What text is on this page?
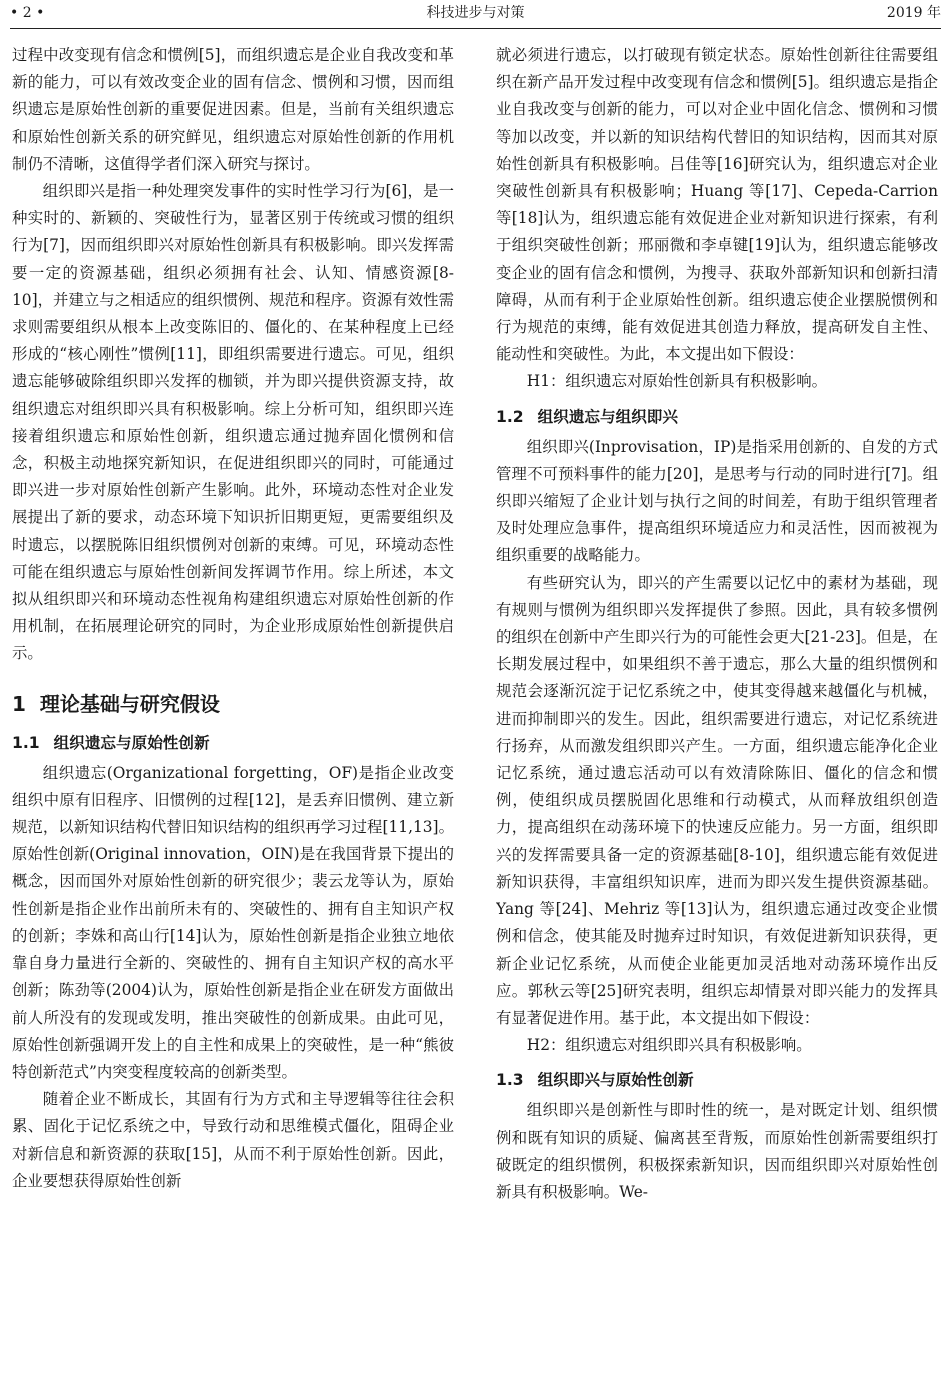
• 2 •	科技进步与对策	2019 年

过程中改变现有信念和惯例[5]，而组织遗忘是企业自我改变和革新的能力，可以有效改变企业的固有信念、惯例和习惯，因而组织遗忘是原始性创新的重要促进因素。但是，当前有关组织遗忘和原始性创新关系的研究鲜见，组织遗忘对原始性创新的作用机制仍不清晰，这值得学者们深入研究与探讨。

组织即兴是指一种处理突发事件的实时性学习行为[6]，是一种实时的、新颖的、突破性行为，显著区别于传统或习惯的组织行为[7]，因而组织即兴对原始性创新具有积极影响。即兴发挥需要一定的资源基础，组织必须拥有社会、认知、情感资源[8-10]，并建立与之相适应的组织惯例、规范和程序。资源有效性需求则需要组织从根本上改变陈旧的、僵化的、在某种程度上已经形成的“核心刚性”惯例[11]，即组织需要进行遗忘。可见，组织遗忘能够破除组织即兴发挥的枷锁，并为即兴提供资源支持，故组织遗忘对组织即兴具有积极影响。综上分析可知，组织即兴连接着组织遗忘和原始性创新，组织遗忘通过抛弃固化惯例和信念，积极主动地探究新知识，在促进组织即兴的同时，可能通过即兴进一步对原始性创新产生影响。此外，环境动态性对企业发展提出了新的要求，动态环境下知识折旧期更短，更需要组织及时遗忘，以摆脱陈旧组织惯例对创新的束缚。可见，环境动态性可能在组织遗忘与原始性创新间发挥调节作用。综上所述，本文拟从组织即兴和环境动态性视角构建组织遗忘对原始性创新的作用机制，在拓展理论研究的同时，为企业形成原始性创新提供启示。

1 理论基础与研究假设
1.1 组织遗忘与原始性创新

组织遗忘(Organizational forgetting，OF)是指企业改变组织中原有旧程序、旧惯例的过程[12]，是丢弃旧惯例、建立新规范，以新知识结构代替旧知识结构的组织再学习过程[11,13]。原始性创新(Original innovation，OIN)是在我国背景下提出的概念，因而国外对原始性创新的研究很少；裴云龙等认为，原始性创新是指企业作出前所未有的、突破性的、拥有自主知识产权的创新；李姝和高山行[14]认为，原始性创新是指企业独立地依靠自身力量进行全新的、突破性的、拥有自主知识产权的高水平创新；陈劲等(2004)认为，原始性创新是指企业在研发方面做出前人所没有的发现或发明，推出突破性的创新成果。由此可见，原始性创新强调开发上的自主性和成果上的突破性，是一种“熊彼特创新范式”内突变程度较高的创新类型。

随着企业不断成长，其固有行为方式和主导逻辑等往往会积累、固化于记忆系统之中，导致行动和思维模式僵化，阻碍企业对新信息和新资源的获取[15]，从而不利于原始性创新。因此，企业要想获得原始性创新

就必须进行遗忘，以打破现有锁定状态。原始性创新往往需要组织在新产品开发过程中改变现有信念和惯例[5]。组织遗忘是指企业自我改变与创新的能力，可以对企业中固化信念、惯例和习惯等加以改变，并以新的知识结构代替旧的知识结构，因而其对原始性创新具有积极影响。吕佳等[16]研究认为，组织遗忘对企业突破性创新具有积极影响；Huang 等[17]、Cepeda-Carrion 等[18]认为，组织遗忘能有效促进企业对新知识进行探索，有利于组织突破性创新；邢丽微和李卓键[19]认为，组织遗忘能够改变企业的固有信念和惯例，为搜寻、获取外部新知识和创新扫清障碍，从而有利于企业原始性创新。组织遗忘使企业摆脱惯例和行为规范的束缚，能有效促进其创造力释放，提高研发自主性、能动性和突破性。为此，本文提出如下假设：

H1：组织遗忘对原始性创新具有积极影响。

1.2 组织遗忘与组织即兴

组织即兴(Inprovisation，IP)是指采用创新的、自发的方式管理不可预料事件的能力[20]，是思考与行动的同时进行[7]。组织即兴缩短了企业计划与执行之间的时间差，有助于组织管理者及时处理应急事件，提高组织环境适应力和灵活性，因而被视为组织重要的战略能力。

有些研究认为，即兴的产生需要以记忆中的素材为基础，现有规则与惯例为组织即兴发挥提供了参照。因此，具有较多惯例的组织在创新中产生即兴行为的可能性会更大[21-23]。但是，在长期发展过程中，如果组织不善于遗忘，那么大量的组织惯例和规范会逐渐沉淀于记忆系统之中，使其变得越来越僵化与机械，进而抑制即兴的发生。因此，组织需要进行遗忘，对记忆系统进行扬弃，从而激发组织即兴产生。一方面，组织遗忘能净化企业记忆系统，通过遗忘活动可以有效清除陈旧、僵化的信念和惯例，使组织成员摆脱固化思维和行动模式，从而释放组织创造力，提高组织在动荡环境下的快速反应能力。另一方面，组织即兴的发挥需要具备一定的资源基础[8-10]，组织遗忘能有效促进新知识获得，丰富组织知识库，进而为即兴发生提供资源基础。Yang 等[24]、Mehriz 等[13]认为，组织遗忘通过改变企业惯例和信念，使其能及时抛弃过时知识，有效促进新知识获得，更新企业记忆系统，从而使企业能更加灵活地对动荡环境作出反应。郭秋云等[25]研究表明，组织忘却情景对即兴能力的发挥具有显著促进作用。基于此，本文提出如下假设：

H2：组织遗忘对组织即兴具有积极影响。

1.3 组织即兴与原始性创新

组织即兴是创新性与即时性的统一，是对既定计划、组织惯例和既有知识的质疑、偏离甚至背叛，而原始性创新需要组织打破既定的组织惯例，积极探索新知识，因而组织即兴对原始性创新具有积极影响。We-
